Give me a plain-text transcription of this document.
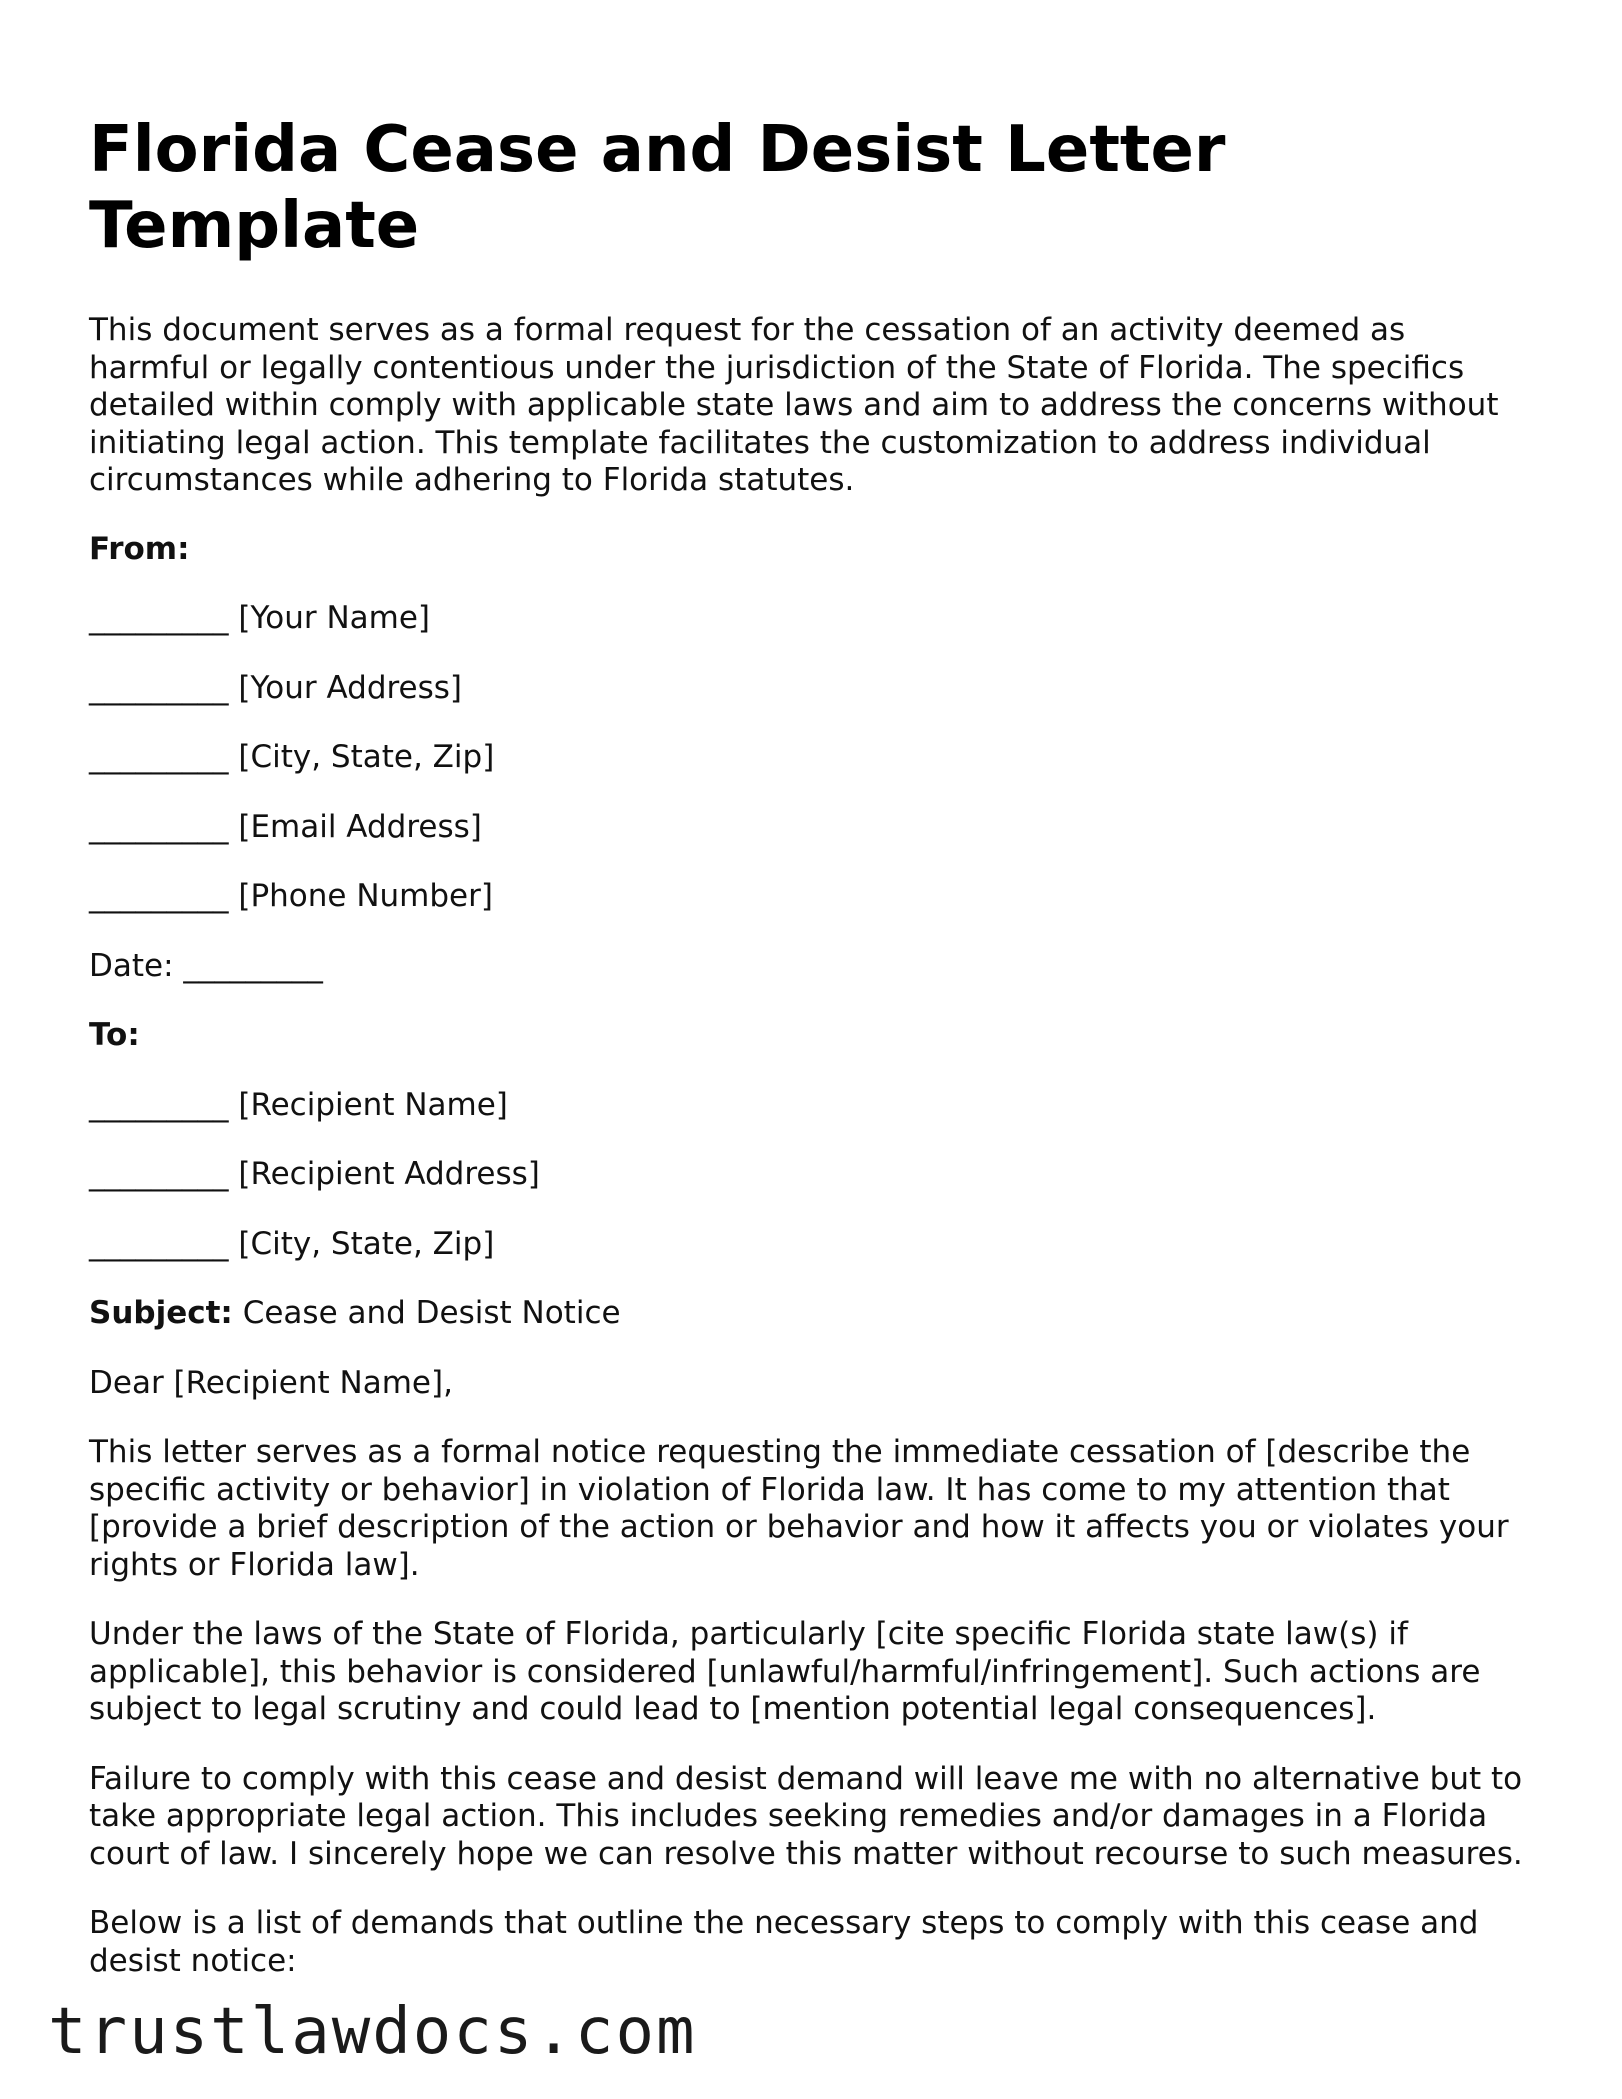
Florida Cease and Desist Letter Template

This document serves as a formal request for the cessation of an activity deemed as harmful or legally contentious under the jurisdiction of the State of Florida. The specifics detailed within comply with applicable state laws and aim to address the concerns without initiating legal action. This template facilitates the customization to address individual circumstances while adhering to Florida statutes.

From:
_________ [Your Name]
_________ [Your Address]
_________ [City, State, Zip]
_________ [Email Address]
_________ [Phone Number]
Date: _________
To:
_________ [Recipient Name]
_________ [Recipient Address]
_________ [City, State, Zip]
Subject: Cease and Desist Notice
Dear [Recipient Name],

This letter serves as a formal notice requesting the immediate cessation of [describe the specific activity or behavior] in violation of Florida law. It has come to my attention that [provide a brief description of the action or behavior and how it affects you or violates your rights or Florida law].

Under the laws of the State of Florida, particularly [cite specific Florida state law(s) if applicable], this behavior is considered [unlawful/harmful/infringement]. Such actions are subject to legal scrutiny and could lead to [mention potential legal consequences].

Failure to comply with this cease and desist demand will leave me with no alternative but to take appropriate legal action. This includes seeking remedies and/or damages in a Florida court of law. I sincerely hope we can resolve this matter without recourse to such measures.

Below is a list of demands that outline the necessary steps to comply with this cease and desist notice:

trustlawdocs.com
